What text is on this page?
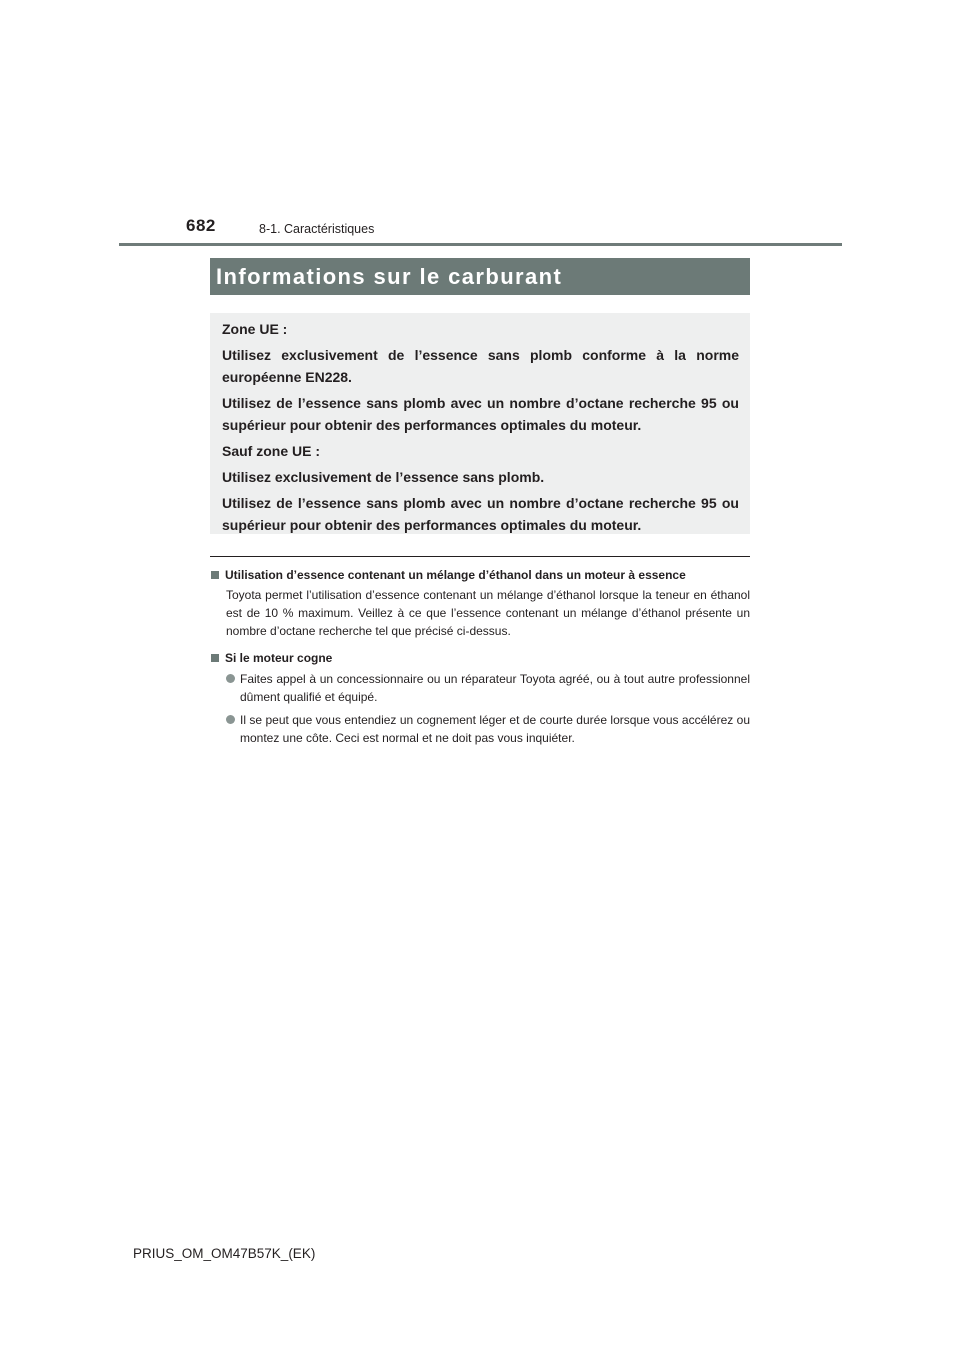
682	8-1. Caractéristiques
Informations sur le carburant

Zone UE :

Utilisez exclusivement de l’essence sans plomb conforme à la norme européenne EN228.

Utilisez de l’essence sans plomb avec un nombre d’octane recherche 95 ou supérieur pour obtenir des performances optimales du moteur.

Sauf zone UE :

Utilisez exclusivement de l’essence sans plomb.

Utilisez de l’essence sans plomb avec un nombre d’octane recherche 95 ou supérieur pour obtenir des performances optimales du moteur.

Utilisation d’essence contenant un mélange d’éthanol dans un moteur à essence
Toyota permet l’utilisation d’essence contenant un mélange d’éthanol lorsque la teneur en éthanol est de 10 % maximum. Veillez à ce que l’essence contenant un mélange d’éthanol présente un nombre d’octane recherche tel que précisé ci-dessus.
Si le moteur cogne
Faites appel à un concessionnaire ou un réparateur Toyota agréé, ou à tout autre professionnel dûment qualifié et équipé.
Il se peut que vous entendiez un cognement léger et de courte durée lorsque vous accélérez ou montez une côte. Ceci est normal et ne doit pas vous inquiéter.
PRIUS_OM_OM47B57K_(EK)
